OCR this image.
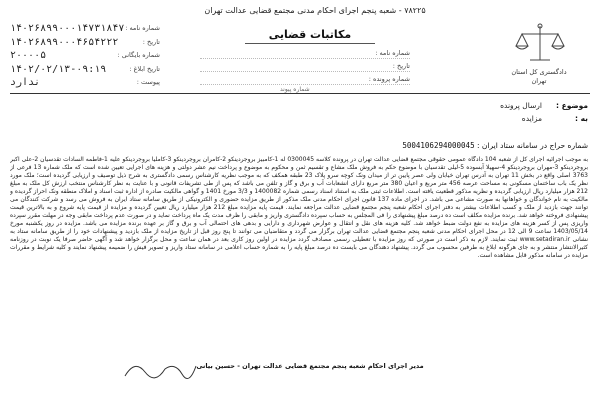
۷۸۲۲۵ - شعبه پنجم اجرای احکام مدنی مجتمع قضایی عدالت تهران
دادگستری کل استان
تهران
مکاتبات قضایی
شماره نامه :
تاریخ :
شماره پرونده :
شماره پیوند
۱۴۰۲۶۸۹۹۰۰۰۱۴۷۳۱۸۴۷ شماره نامه :
۱۴۰۲۶۸۹۹۰۰۰۴۶۵۴۲۲۲	تاریخ :
۲۰۰۰۰۵	شماره بایگانی :
۱۴۰۲/۰۲/۱۳-۰۹:۱۹	تاریخ ابلاغ :
ندارد	پیوست :
موضوع :
ارسال پرونده
به :
مزایده
شماره حراج در سامانه ستاد ایران : 5004106294000045
به موجب اجرائیه اجرای کل از شعبه 104 دادگاه عمومی حقوقی مجتمع قضایی عدالت تهران در پرونده کلاسه 0300045 له 1-کامبیز بروجردینکو 2-کامران بروجردینکو 3-کاملیا بروجردینکو علیه 1-فاطمه السادات تقدسیان 2-علی اکبر بروجردینکو 3-مهران بروجردینکو 4-سهیلا آبسوده 5-لیلی تقدسیان با موضوع حکم به فروش ملک مشاع و تقسیم ثمن و محکوم به موضوع و پرداخت نیم عشر دولتی و هزینه های اجرایی تعیین شده است که ملک شماره 13 فرعی از 3763 اصلی واقع در بخش 11 تهران به آدرس تهران خیابان ولی عصر پایین تر از میدان ونک کوچه سرو پلاک 23 طبقه همکف که به موجب نظریه کارشناس رسمی دادگستری به شرح ذیل توصیف و ارزیابی گردیده است؛ ملک مورد نظر یک باب ساختمان مسکونی به مساحت عرصه 456 متر مربع و اعیان 380 متر مربع دارای انشعابات آب و برق و گاز و تلفن می باشد که پس از طی تشریفات قانونی و با عنایت به نظر کارشناس منتخب ارزش کل ملک به مبلغ 212 هزار میلیارد ریال ارزیابی گردیده و نظریه مذکور قطعیت یافته است. اطلاعات ثبتی ملک به استناد اسناد رسمی شماره 1400082 و 3/3 مورخ 1401 و گواهی مالکیت صادره از اداره ثبت اسناد و املاک منطقه ونک احراز گردیده و مالکیت به نام خواندگان و خواهانها به صورت مشاعی می باشد. در اجرای ماده 137 قانون اجرای احکام مدنی ملک مذکور از طریق مزایده حضوری و الکترونیکی از طریق سامانه ستاد ایران به فروش می رسد و شرکت کنندگان می توانند جهت بازدید از ملک و کسب اطلاعات بیشتر به دفتر اجرای احکام شعبه پنجم مجتمع قضایی عدالت مراجعه نمایند. قیمت پایه مزایده مبلغ 212 هزار میلیارد ریال تعیین گردیده و مزایده از قیمت پایه شروع و به بالاترین قیمت پیشنهادی فروخته خواهد شد. برنده مزایده مکلف است ده درصد مبلغ پیشنهادی را فی المجلس به حساب سپرده دادگستری واریز و مابقی را ظرف مدت یک ماه پرداخت نماید و در صورت عدم پرداخت مابقی وجه در مهلت مقرر سپرده واریزی پس از کسر هزینه های مزایده به نفع دولت ضبط خواهد شد. کلیه هزینه های نقل و انتقال و عوارض شهرداری و دارایی و بدهی های احتمالی آب و برق و گاز بر عهده برنده مزایده می باشد. مزایده در روز یکشنبه مورخ 1403/05/14 ساعت 9 الی 12 در محل اجرای احکام مدنی شعبه پنجم مجتمع قضایی عدالت تهران برگزار می گردد و متقاضیان می توانند تا پنج روز قبل از تاریخ مزایده از ملک بازدید و پیشنهادات خود را از طریق سامانه ستاد به نشانی www.setadiran.ir ثبت نمایند. لازم به ذکر است در صورتی که روز مزایده با تعطیلی رسمی مصادف گردد مزایده در اولین روز کاری بعد در همان ساعت و محل برگزار خواهد شد و آگهی حاضر صرفا یک نوبت در روزنامه کثیرالانتشار منتشر و به جای هرگونه ابلاغ به طرفین محسوب می گردد. پیشنهاد دهندگان می بایست ده درصد مبلغ پایه را به شماره حساب اعلامی در سامانه ستاد واریز و تصویر فیش را ضمیمه پیشنهاد نمایند و کلیه شرایط و مقررات مزایده در سامانه مذکور قابل مشاهده است.
مدیر اجرای احکام شعبه پنجم مجتمع قضایی عدالت تهران - حسین بیانی
